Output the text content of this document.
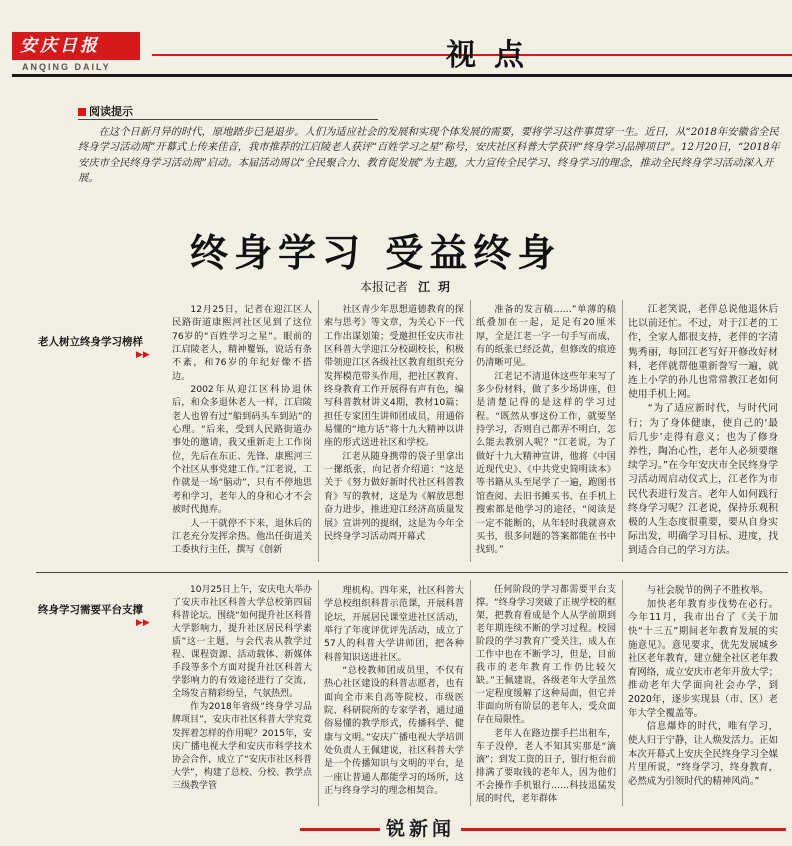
安庆日报
ANQING DAILY	视点
阅读提示
在这个日新月异的时代，原地踏步已是退步。人们为适应社会的发展和实现个体发展的需要，要将学习这件事贯穿一生。近日，从“2018年安徽省全民终身学习活动周”开幕式上传来佳音，我市推荐的江启陵老人获评“百姓学习之星”称号，安庆社区科普大学获评“终身学习品牌项目”。12月20日，“2018年安庆市全民终身学习活动周”启动。本届活动周以“全民聚合力、教育促发展”为主题，大力宣传全民学习、终身学习的理念，推动全民终身学习活动深入开展。
终身学习 受益终身
本报记者 江玥
老人树立终身学习榜样
▶▶

12月25日，记者在迎江区人民路街道康熙河社区见到了这位76岁的“百姓学习之星”。眼前的江启陵老人，精神矍铄，说话有条不紊，和76岁的年纪好像不搭边。

2002年从迎江区科协退休后，和众多退休老人一样，江启陵老人也曾有过“船到码头车到站”的心理。“后来，受到人民路街道办事处的邀请，我又重新走上工作岗位，先后在东正、先锋、康熙河三个社区从事党建工作。”江老说，工作就是一场“脑动”，只有不停地思考和学习，老年人的身和心才不会被时代抛弃。

人一干就停不下来，退休后的江老充分发挥余热。他出任街道关工委执行主任，撰写《创新

社区青少年思想道德教育的探索与思考》等文章，为关心下一代工作出谋划策；受邀担任安庆市社区科普大学迎江分校副校长，积极带领迎江区各级社区教育组织充分发挥模范带头作用，把社区教育、终身教育工作开展得有声有色，编写科普教材讲义4期，教材10篇；担任专家团生讲师团成员，用通俗易懂的“地方话”将十九大精神以讲座的形式送进社区和学校。

江老从随身携带的袋子里拿出一摞纸张，向记者介绍道：“这是关于《努力做好新时代社区科普教育》写的教材，这是为《解放思想 奋力进步，推进迎江经济高质量发展》宣讲列的提纲，这是为今年全民终身学习活动周开幕式

准备的发言稿……”单薄的稿纸叠加在一起，足足有20厘米厚，全是江老一字一句手写而成，有的纸张已经泛黄，但修改的痕迹仍清晰可见。

江老记不清退休这些年来写了多少份材料，做了多少场讲座，但是清楚记得的是这样的学习过程。“既然从事这份工作，就要坚持学习，否则自己都弄不明白，怎么能去教别人呢？”江老说，为了做好十九大精神宣讲，他将《中国近现代史》、《中共党史简明读本》等书籍从头至尾学了一遍，跑图书馆查阅、去旧书摊买书、在手机上搜索都是他学习的途径，“阅读是一定不能断的，从年轻时我就喜欢买书，很多问题的答案都能在书中找到。”

江老笑说，老伴总说他退休后比以前还忙。不过，对于江老的工作，全家人都很支持，老伴的字清隽秀丽，每回江老写好开修改好材料，老伴就帮他重新誊写一遍，就连上小学的孙儿也常常教江老如何使用手机上网。

“为了适应新时代，与时代同行；为了身体健康，使自己的‘最后几步’走得有意义；也为了修身养性，陶冶心性，老年人必须要继续学习。”在今年安庆市全民终身学习活动周启动仪式上，江老作为市民代表进行发言。老年人如何践行终身学习呢？江老说，保持乐观积极的人生态度很重要，要从自身实际出发，明确学习目标、进度，找到适合自己的学习方法。

终身学习需要平台支撑
▶▶

10月25日上午，安庆电大举办了安庆市社区科普大学总校第四届科普论坛。围绕“如何提升社区科普大学影响力，提升社区居民科学素质”这一主题，与会代表从教学过程、课程资源、活动载体、新媒体手段等多个方面对提升社区科普大学影响力的有效途径进行了交流，全场发言精彩纷呈，气氛热烈。

作为2018年省级“终身学习品牌项目”，安庆市社区科普大学究竟发挥着怎样的作用呢？2015年，安庆广播电视大学和安庆市科学技术协会合作，成立了“安庆市社区科普大学”，构建了总校、分校、教学点三级教学管

理机构。四年来，社区科普大学总校组织科普示范课，开展科普论坛，开展居民课堂进社区活动，举行了年度评优评先活动，成立了57人的科普大学讲师团，把各种科普知识送进社区。

“总校教师团成员里，不仅有热心社区建设的科普志愿者，也有面向全市来自高等院校、市级医院、科研院所的专家学者，通过通俗易懂的教学形式，传播科学、健康与文明。”安庆广播电视大学培训处负责人王佩建说，社区科普大学是一个传播知识与文明的平台，是一座让普通人都能学习的场所，这正与终身学习的理念相契合。

任何阶段的学习都需要平台支撑。“终身学习突破了正规学校的框架，把教育看成是个人从学前期到老年期连续不断的学习过程。校园阶段的学习教育广受关注，成人在工作中也在不断学习，但是，目前我市的老年教育工作仍比较欠缺。”王佩建说，各级老年大学虽然一定程度缓解了这种局面，但它并非面向所有阶层的老年人，受众面存在局限性。

老年人在路边摆手拦出租车，车子没停，老人不知其实那是“滴滴”；到发工资的日子，银行柜台前排满了要取钱的老年人，因为他们不会操作手机银行……科技迅猛发展的时代，老年群体

与社会脱节的例子不胜枚举。

加快老年教育步伐势在必行。今年11月，我市出台了《关于加快“十三五”期间老年教育发展的实施意见》。意见要求，优先发展城乡社区老年教育，建立健全社区老年教育网络，成立安庆市老年开放大学；推动老年大学面向社会办学，到2020年，逐步实现县（市、区）老年大学全覆盖等。

信息爆炸的时代，唯有学习，使人归于宁静，让人焕发活力。正如本次开幕式上安庆全民终身学习全媒片里所说，“终身学习，终身教育，必然成为引领时代的精神风尚。”

锐新闻
